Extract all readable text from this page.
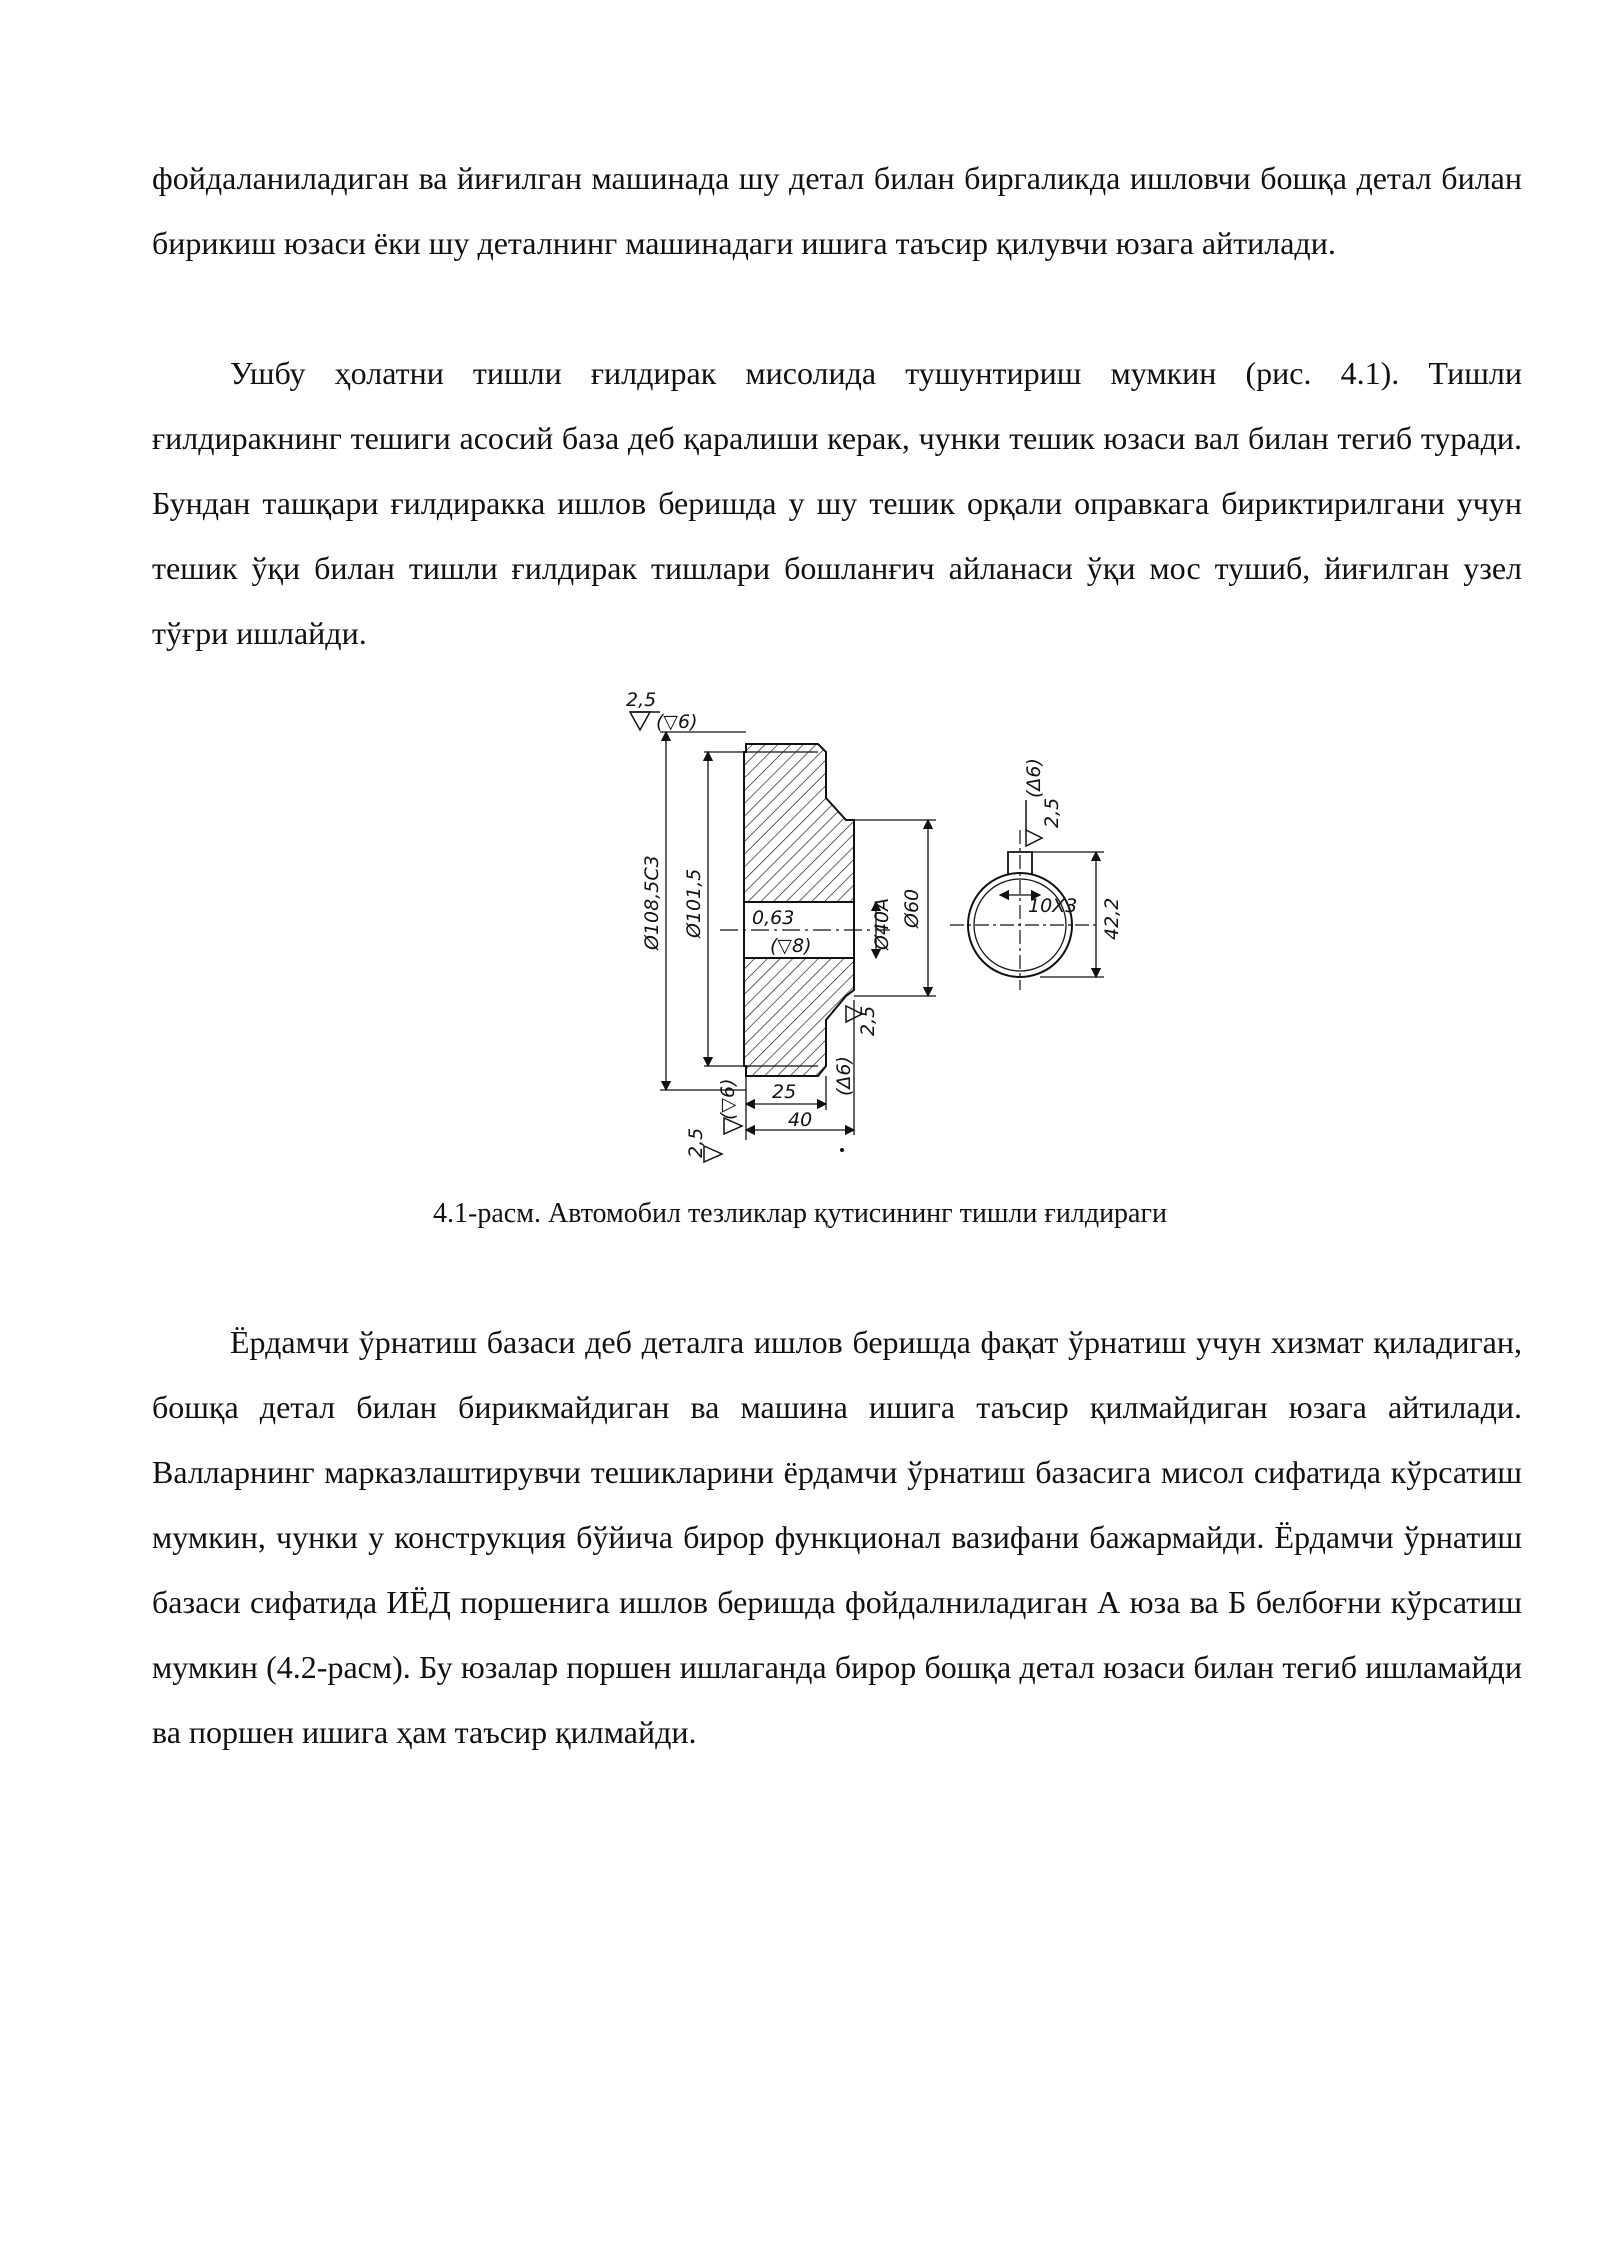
фойдаланиладиган ва йиғилган машинада шу детал билан биргаликда ишловчи бошқа детал билан бирикиш юзаси ёки шу деталнинг машинадаги ишига таъсир қилувчи юзага айтилади.

Ушбу ҳолатни тишли ғилдирак мисолида тушунтириш мумкин (рис. 4.1). Тишли ғилдиракнинг тешиги асосий база деб қаралиши керак, чунки тешик юзаси вал билан тегиб туради. Бундан ташқари ғилдиракка ишлов беришда у шу тешик орқали оправкага бириктирилгани учун тешик ўқи билан тишли ғилдирак тишлари бошланғич айланаси ўқи мос тушиб, йиғилган узел тўғри ишлайди.

Ø108,5С3 Ø101,5	Ø40А Ø60
0,63
(▽8)
2,5
(▽6)
2,5
(Δ6)
25
40
(▽6)
2,5
42,2
10Х3
2,5
(Δ6)
4.1-расм. Автомобил тезликлар қутисининг тишли ғилдираги

Ёрдамчи ўрнатиш базаси деб деталга ишлов беришда фақат ўрнатиш учун хизмат қиладиган, бошқа детал билан бирикмайдиган ва машина ишига таъсир қилмайдиган юзага айтилади. Валларнинг марказлаштирувчи тешикларини ёрдамчи ўрнатиш базасига мисол сифатида кўрсатиш мумкин, чунки у конструкция бўйича бирор функционал вазифани бажармайди. Ёрдамчи ўрнатиш базаси сифатида ИЁД поршенига ишлов беришда фойдалниладиган А юза ва Б белбоғни кўрсатиш мумкин (4.2-расм). Бу юзалар поршен ишлаганда бирор бошқа детал юзаси билан тегиб ишламайди ва поршен ишига ҳам таъсир қилмайди.
